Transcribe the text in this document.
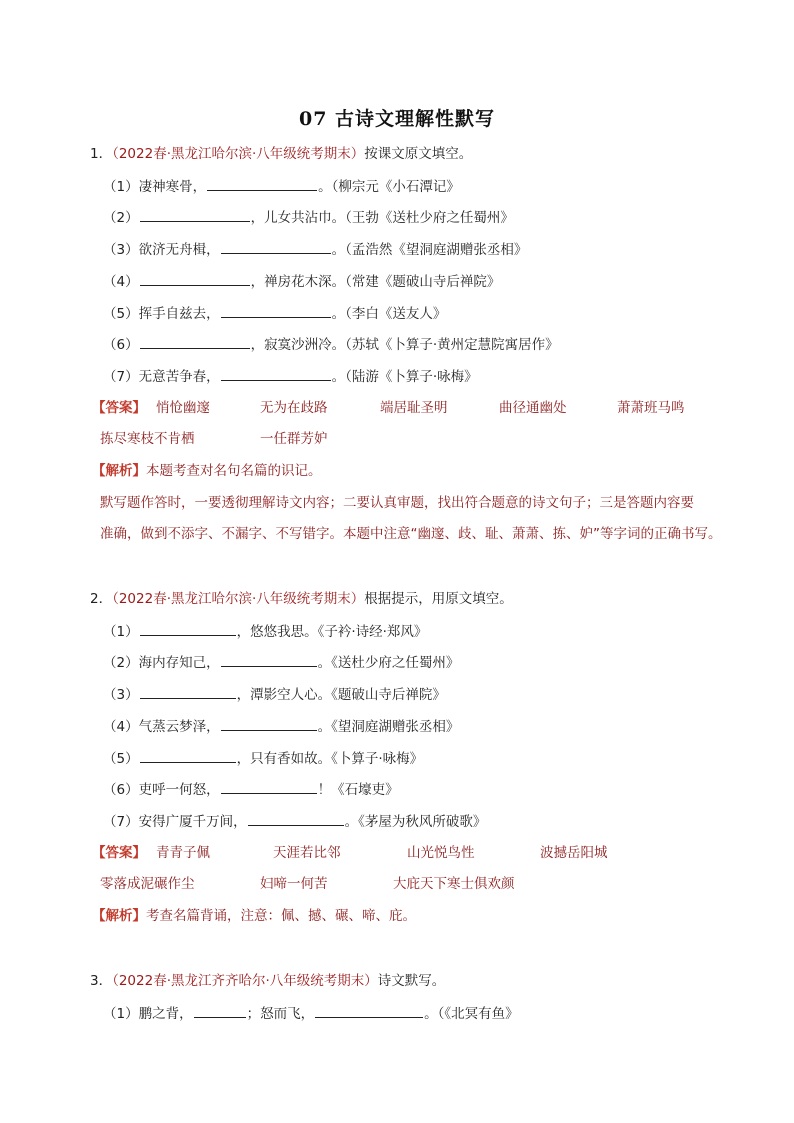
07 古诗文理解性默写
1．（2022春·黑龙江哈尔滨·八年级统考期末）按课文原文填空。
（1）凄神寒骨，	。（柳宗元《小石潭记》
（2）	，儿女共沾巾。（王勃《送杜少府之任蜀州》
（3）欲济无舟楫，	。（孟浩然《望洞庭湖赠张丞相》
（4）	，禅房花木深。（常建《题破山寺后禅院》
（5）挥手自兹去，	。（李白《送友人》
（6）	，寂寞沙洲冷。（苏轼《卜算子·黄州定慧院寓居作》
（7）无意苦争春，	。（陆游《卜算子·咏梅》
【答案】 悄怆幽邃	无为在歧路	端居耻圣明	曲径通幽处	萧萧班马鸣
拣尽寒枝不肯栖	一任群芳妒
【解析】本题考查对名句名篇的识记。
默写题作答时，一要透彻理解诗文内容；二要认真审题，找出符合题意的诗文句子；三是答题内容要
准确，做到不添字、不漏字、不写错字。本题中注意“幽邃、歧、耻、萧萧、拣、妒”等字词的正确书写。
2．（2022春·黑龙江哈尔滨·八年级统考期末）根据提示，用原文填空。
（1）	，悠悠我思。《子衿·诗经·郑风》
（2）海内存知己，	。《送杜少府之任蜀州》
（3）	，潭影空人心。《题破山寺后禅院》
（4）气蒸云梦泽，	。《望洞庭湖赠张丞相》
（5）	，只有香如故。《卜算子·咏梅》
（6）吏呼一何怒，	！《石壕吏》
（7）安得广厦千万间，	。《茅屋为秋风所破歌》
【答案】 青青子佩	天涯若比邻	山光悦鸟性	波撼岳阳城
零落成泥碾作尘	妇啼一何苦	大庇天下寒士俱欢颜
【解析】考查名篇背诵，注意：佩、撼、碾、啼、庇。
3．（2022春·黑龙江齐齐哈尔·八年级统考期末）诗文默写。
（1）鹏之背，	；怒而飞，	。（《北冥有鱼》
